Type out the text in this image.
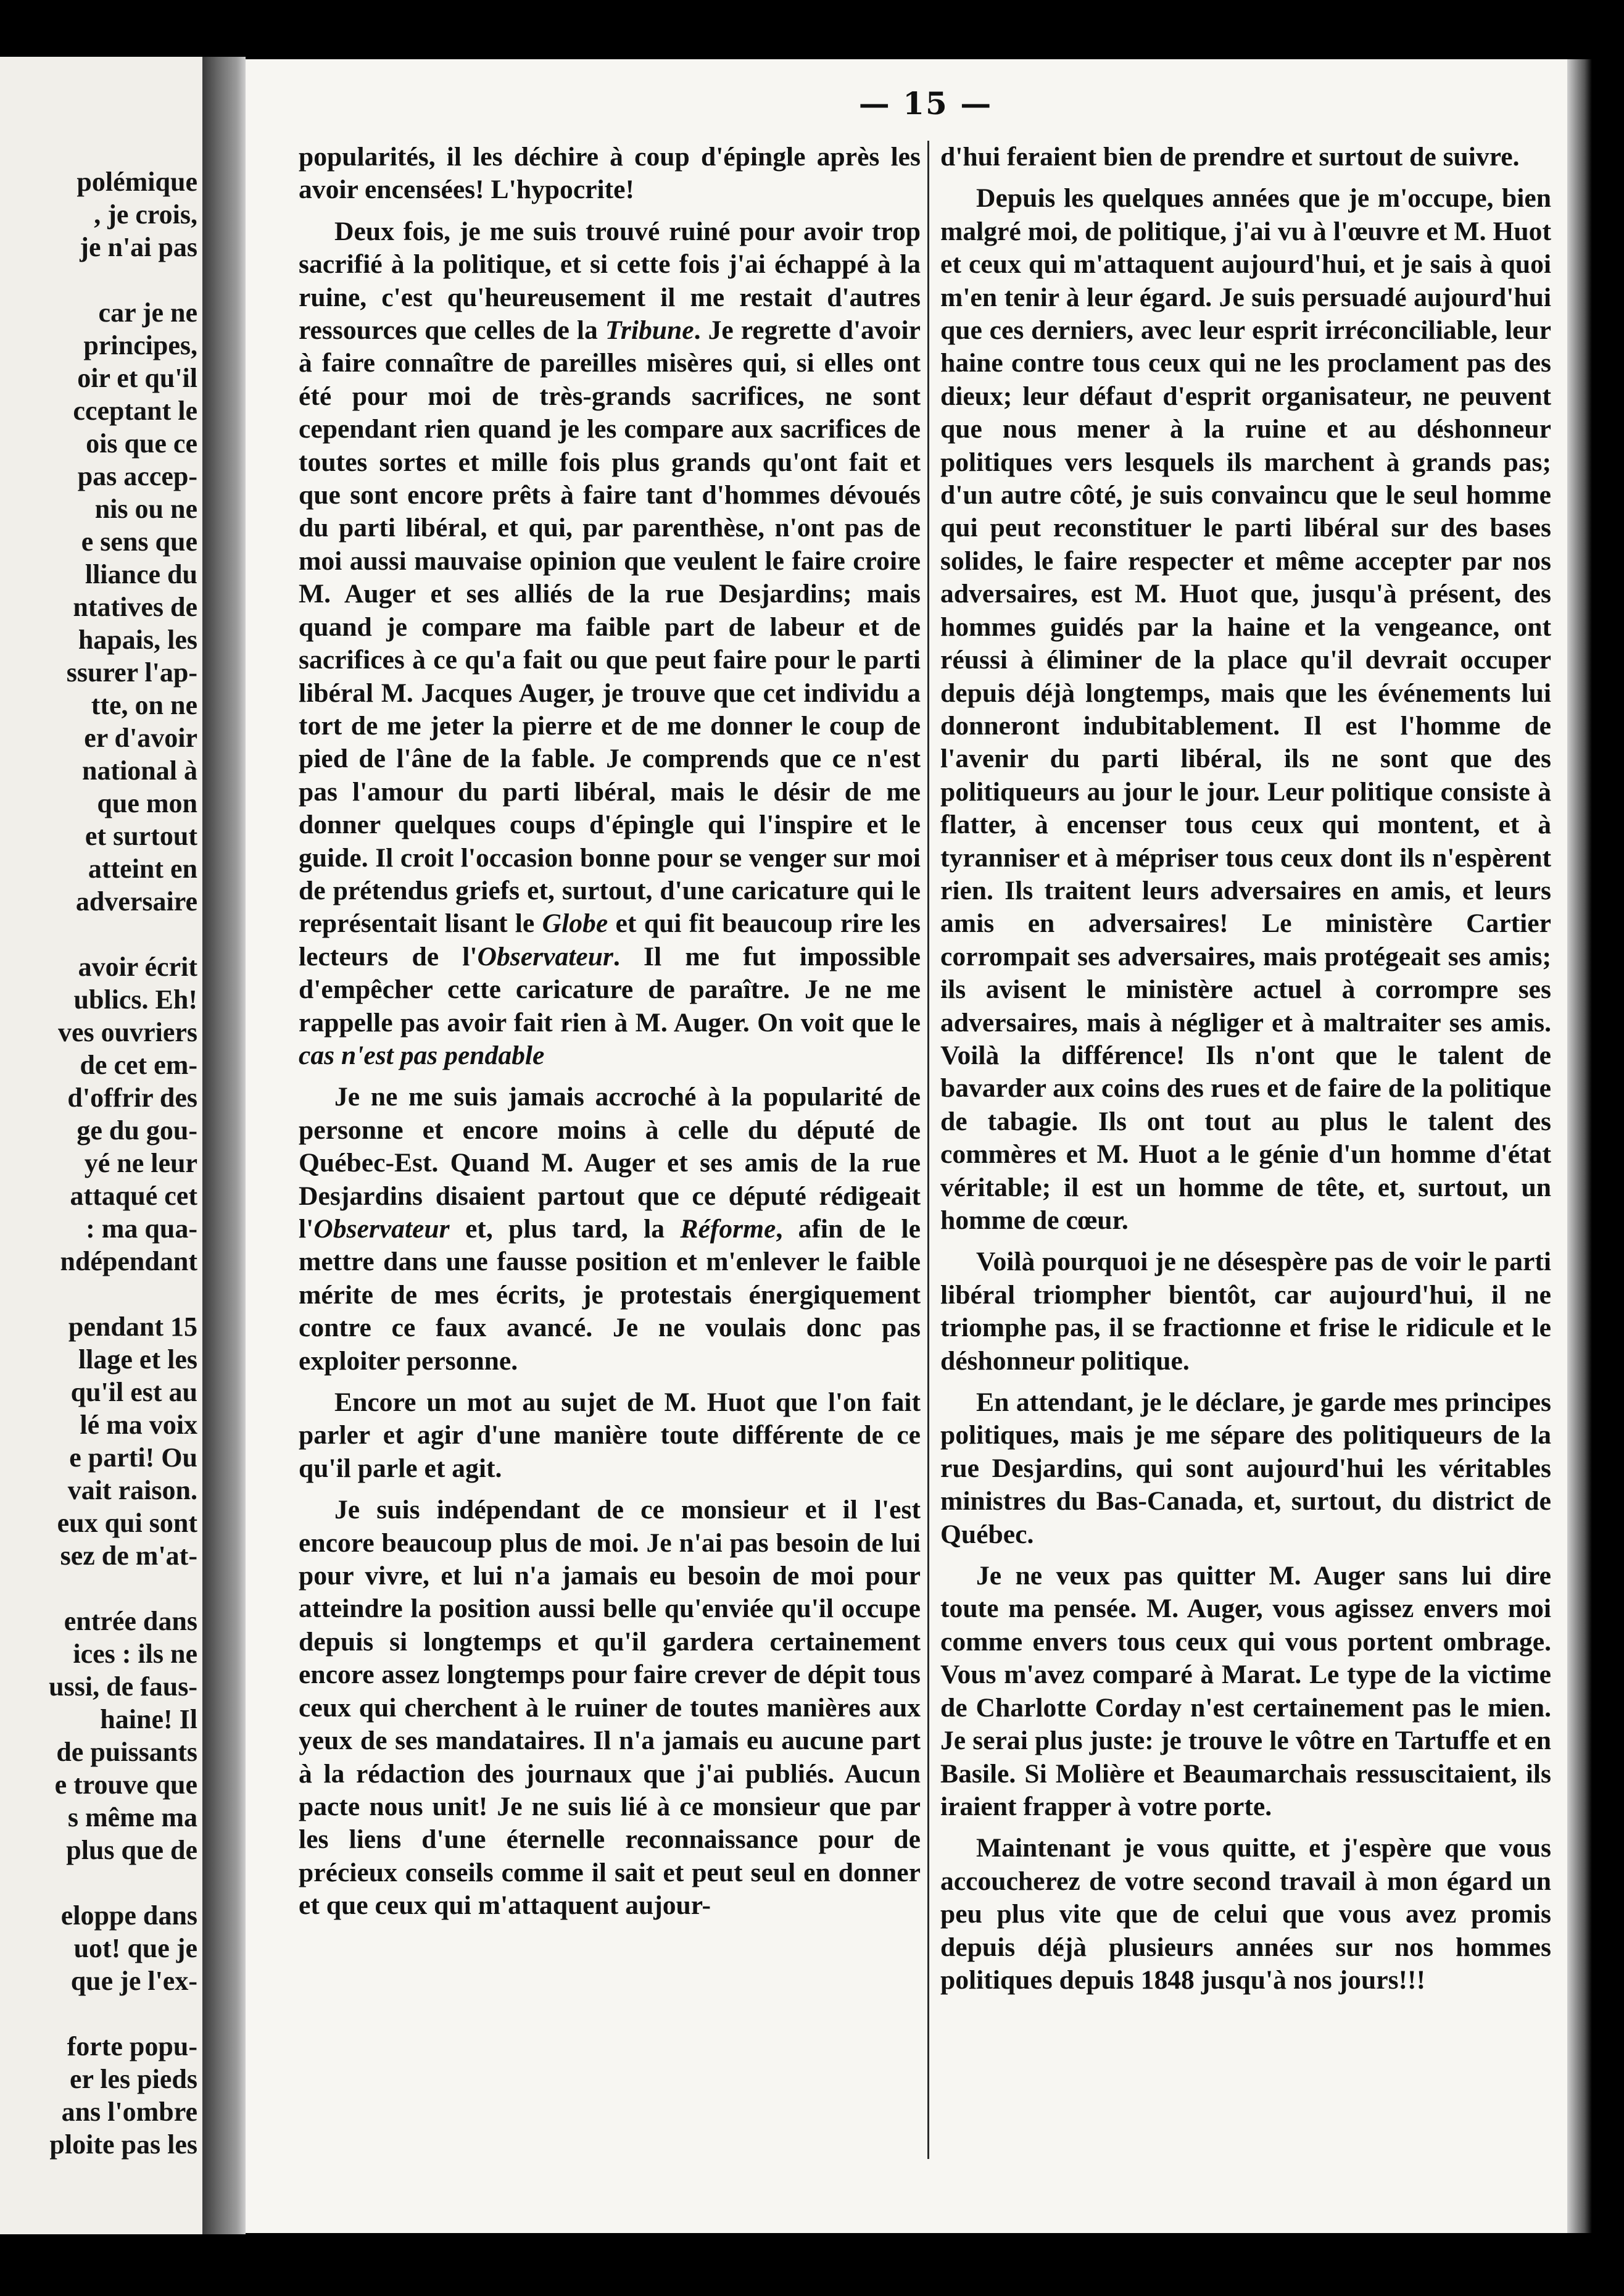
polémique
, je crois,
je n'ai pas
car je ne
principes,
oir et qu'il
cceptant le
ois que ce
pas accep-
nis ou ne
e sens que
lliance du
ntatives de
hapais, les
ssurer l'ap-
tte, on ne
er d'avoir
national à
que mon
et surtout
atteint en
adversaire
avoir écrit
ublics. Eh!
ves ouvriers
de cet em-
d'offrir des
ge du gou-
yé ne leur
attaqué cet
: ma qua-
ndépendant
pendant 15
llage et les
qu'il est au
lé ma voix
e parti! Ou
vait raison.
eux qui sont
sez de m'at-
entrée dans
ices : ils ne
ussi, de faus-
haine! Il
de puissants
e trouve que
s même ma
plus que de
eloppe dans
uot! que je
que je l'ex-
forte popu-
er les pieds
ans l'ombre
ploite pas les
— 15 —

popularités, il les déchire à coup d'épingle après les avoir encensées! L'hypocrite!

Deux fois, je me suis trouvé ruiné pour avoir trop sacrifié à la politique, et si cette fois j'ai échappé à la ruine, c'est qu'heureusement il me restait d'autres ressources que celles de la Tribune. Je regrette d'avoir à faire connaître de pareilles misères qui, si elles ont été pour moi de très-grands sacrifices, ne sont cependant rien quand je les compare aux sacrifices de toutes sortes et mille fois plus grands qu'ont fait et que sont encore prêts à faire tant d'hommes dévoués du parti libéral, et qui, par parenthèse, n'ont pas de moi aussi mauvaise opinion que veulent le faire croire M. Auger et ses alliés de la rue Desjardins; mais quand je compare ma faible part de labeur et de sacrifices à ce qu'a fait ou que peut faire pour le parti libéral M. Jacques Auger, je trouve que cet individu a tort de me jeter la pierre et de me donner le coup de pied de l'âne de la fable. Je comprends que ce n'est pas l'amour du parti libéral, mais le désir de me donner quelques coups d'épingle qui l'inspire et le guide. Il croit l'occasion bonne pour se venger sur moi de prétendus griefs et, surtout, d'une caricature qui le représentait lisant le Globe et qui fit beaucoup rire les lecteurs de l'Observateur. Il me fut impossible d'empêcher cette caricature de paraître. Je ne me rappelle pas avoir fait rien à M. Auger. On voit que le cas n'est pas pendable

Je ne me suis jamais accroché à la popularité de personne et encore moins à celle du député de Québec-Est. Quand M. Auger et ses amis de la rue Desjardins disaient partout que ce député rédigeait l'Observateur et, plus tard, la Réforme, afin de le mettre dans une fausse position et m'enlever le faible mérite de mes écrits, je protestais énergiquement contre ce faux avancé. Je ne voulais donc pas exploiter personne.

Encore un mot au sujet de M. Huot que l'on fait parler et agir d'une manière toute différente de ce qu'il parle et agit.

Je suis indépendant de ce monsieur et il l'est encore beaucoup plus de moi. Je n'ai pas besoin de lui pour vivre, et lui n'a jamais eu besoin de moi pour atteindre la position aussi belle qu'enviée qu'il occupe depuis si longtemps et qu'il gardera certainement encore assez longtemps pour faire crever de dépit tous ceux qui cherchent à le ruiner de toutes manières aux yeux de ses mandataires. Il n'a jamais eu aucune part à la rédaction des journaux que j'ai publiés. Aucun pacte nous unit! Je ne suis lié à ce monsieur que par les liens d'une éternelle reconnaissance pour de précieux conseils comme il sait et peut seul en donner et que ceux qui m'attaquent aujour-

d'hui feraient bien de prendre et surtout de suivre.

Depuis les quelques années que je m'occupe, bien malgré moi, de politique, j'ai vu à l'œuvre et M. Huot et ceux qui m'attaquent aujourd'hui, et je sais à quoi m'en tenir à leur égard. Je suis persuadé aujourd'hui que ces derniers, avec leur esprit irréconciliable, leur haine contre tous ceux qui ne les proclament pas des dieux; leur défaut d'esprit organisateur, ne peuvent que nous mener à la ruine et au déshonneur politiques vers lesquels ils marchent à grands pas; d'un autre côté, je suis convaincu que le seul homme qui peut reconstituer le parti libéral sur des bases solides, le faire respecter et même accepter par nos adversaires, est M. Huot que, jusqu'à présent, des hommes guidés par la haine et la vengeance, ont réussi à éliminer de la place qu'il devrait occuper depuis déjà longtemps, mais que les événements lui donneront indubitablement. Il est l'homme de l'avenir du parti libéral, ils ne sont que des politiqueurs au jour le jour. Leur politique consiste à flatter, à encenser tous ceux qui montent, et à tyranniser et à mépriser tous ceux dont ils n'espèrent rien. Ils traitent leurs adversaires en amis, et leurs amis en adversaires! Le ministère Cartier corrompait ses adversaires, mais protégeait ses amis; ils avisent le ministère actuel à corrompre ses adversaires, mais à négliger et à maltraiter ses amis. Voilà la différence! Ils n'ont que le talent de bavarder aux coins des rues et de faire de la politique de tabagie. Ils ont tout au plus le talent des commères et M. Huot a le génie d'un homme d'état véritable; il est un homme de tête, et, surtout, un homme de cœur.

Voilà pourquoi je ne désespère pas de voir le parti libéral triompher bientôt, car aujourd'hui, il ne triomphe pas, il se fractionne et frise le ridicule et le déshonneur politique.

En attendant, je le déclare, je garde mes principes politiques, mais je me sépare des politiqueurs de la rue Desjardins, qui sont aujourd'hui les véritables ministres du Bas-Canada, et, surtout, du district de Québec.

Je ne veux pas quitter M. Auger sans lui dire toute ma pensée. M. Auger, vous agissez envers moi comme envers tous ceux qui vous portent ombrage. Vous m'avez comparé à Marat. Le type de la victime de Charlotte Corday n'est certainement pas le mien. Je serai plus juste: je trouve le vôtre en Tartuffe et en Basile. Si Molière et Beaumarchais ressuscitaient, ils iraient frapper à votre porte.

Maintenant je vous quitte, et j'espère que vous accoucherez de votre second travail à mon égard un peu plus vite que de celui que vous avez promis depuis déjà plusieurs années sur nos hommes politiques depuis 1848 jusqu'à nos jours!!!
